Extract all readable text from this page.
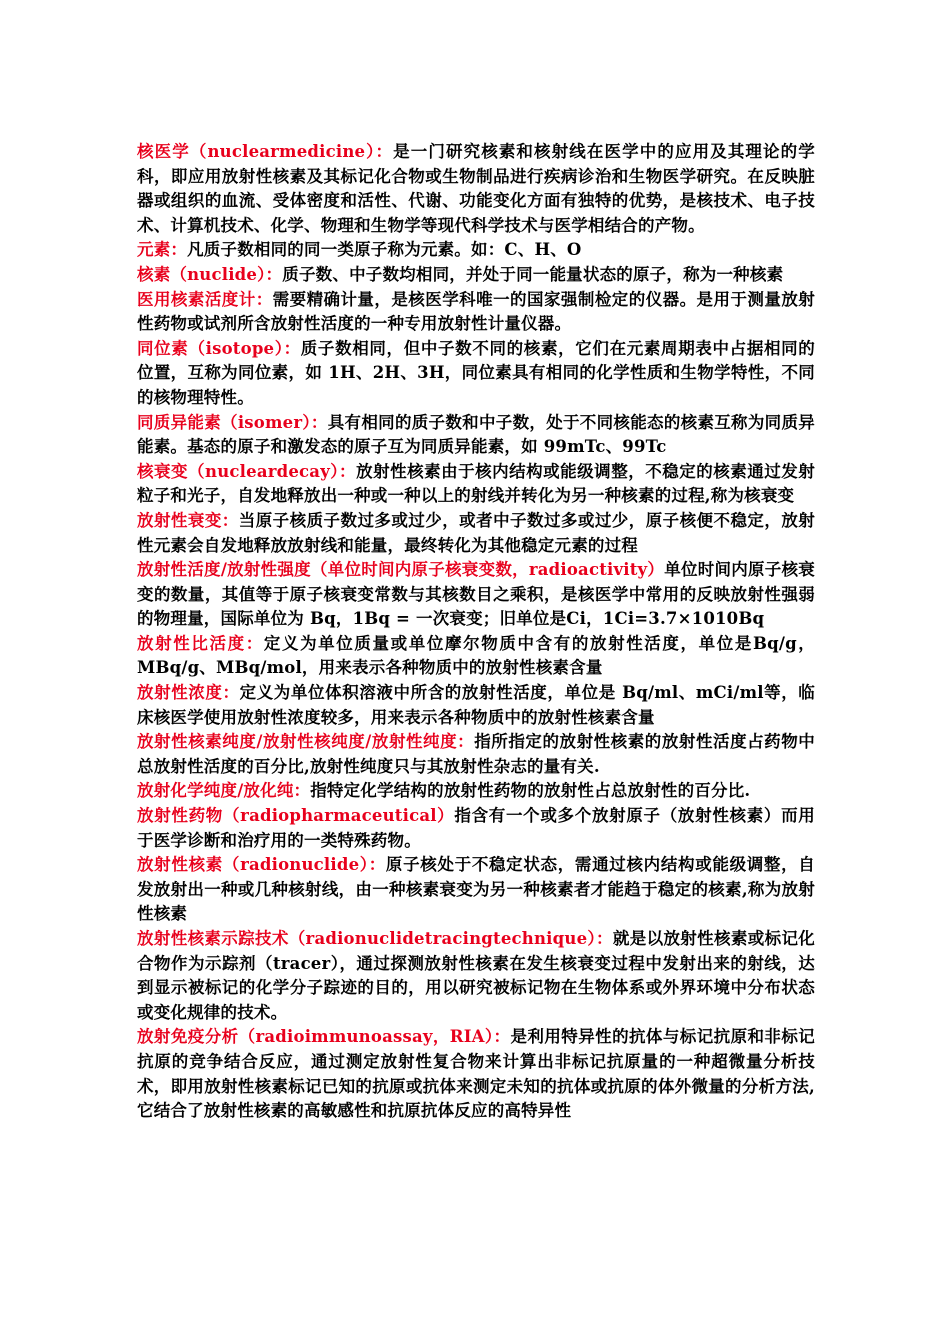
核医学（nuclearmedicine）：是一门研究核素和核射线在医学中的应用及其理论的学科，即应用放射性核素及其标记化合物或生物制品进行疾病诊治和生物医学研究。在反映脏器或组织的血流、受体密度和活性、代谢、功能变化方面有独特的优势，是核技术、电子技术、计算机技术、化学、物理和生物学等现代科学技术与医学相结合的产物。

元素：凡质子数相同的同一类原子称为元素。如：C、H、O

核素（nuclide）：质子数、中子数均相同，并处于同一能量状态的原子，称为一种核素

医用核素活度计：需要精确计量，是核医学科唯一的国家强制检定的仪器。是用于测量放射性药物或试剂所含放射性活度的一种专用放射性计量仪器。

同位素（isotope）：质子数相同，但中子数不同的核素，它们在元素周期表中占据相同的位置，互称为同位素，如 1H、2H、3H，同位素具有相同的化学性质和生物学特性，不同的核物理特性。

同质异能素（isomer）：具有相同的质子数和中子数，处于不同核能态的核素互称为同质异能素。基态的原子和激发态的原子互为同质异能素，如 99mTc、99Tc

核衰变（nucleardecay）：放射性核素由于核内结构或能级调整，不稳定的核素通过发射粒子和光子，自发地释放出一种或一种以上的射线并转化为另一种核素的过程,称为核衰变

放射性衰变：当原子核质子数过多或过少，或者中子数过多或过少，原子核便不稳定，放射性元素会自发地释放放射线和能量，最终转化为其他稳定元素的过程

放射性活度/放射性强度（单位时间内原子核衰变数，radioactivity）单位时间内原子核衰变的数量，其值等于原子核衰变常数与其核数目之乘积，是核医学中常用的反映放射性强弱的物理量，国际单位为 Bq，1Bq = 一次衰变；旧单位是Ci，1Ci=3.7×1010Bq

放射性比活度：定义为单位质量或单位摩尔物质中含有的放射性活度，单位是Bq/g，MBq/g、MBq/mol，用来表示各种物质中的放射性核素含量

放射性浓度：定义为单位体积溶液中所含的放射性活度，单位是 Bq/ml、mCi/ml等，临床核医学使用放射性浓度较多，用来表示各种物质中的放射性核素含量

放射性核素纯度/放射性核纯度/放射性纯度：指所指定的放射性核素的放射性活度占药物中总放射性活度的百分比,放射性纯度只与其放射性杂志的量有关.

放射化学纯度/放化纯：指特定化学结构的放射性药物的放射性占总放射性的百分比.

放射性药物（radiopharmaceutical）指含有一个或多个放射原子（放射性核素）而用于医学诊断和治疗用的一类特殊药物。

放射性核素（radionuclide）：原子核处于不稳定状态，需通过核内结构或能级调整，自发放射出一种或几种核射线，由一种核素衰变为另一种核素者才能趋于稳定的核素,称为放射性核素

放射性核素示踪技术（radionuclidetracingtechnique）：就是以放射性核素或标记化合物作为示踪剂（tracer），通过探测放射性核素在发生核衰变过程中发射出来的射线，达到显示被标记的化学分子踪迹的目的，用以研究被标记物在生物体系或外界环境中分布状态或变化规律的技术。

放射免疫分析（radioimmunoassay，RIA）：是利用特异性的抗体与标记抗原和非标记抗原的竞争结合反应，通过测定放射性复合物来计算出非标记抗原量的一种超微量分析技术，即用放射性核素标记已知的抗原或抗体来测定未知的抗体或抗原的体外微量的分析方法,它结合了放射性核素的高敏感性和抗原抗体反应的高特异性
